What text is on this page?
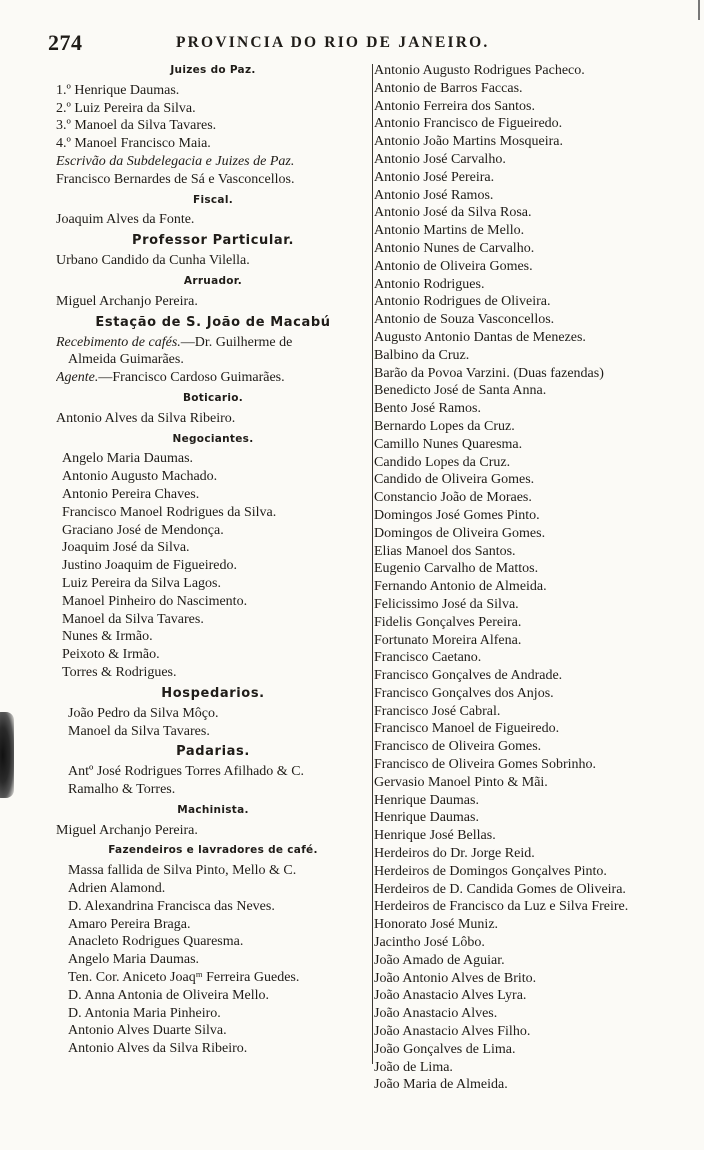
274	PROVINCIA DO RIO DE JANEIRO.
Juizes do Paz.
1.º Henrique Daumas.
2.º Luiz Pereira da Silva.
3.º Manoel da Silva Tavares.
4.º Manoel Francisco Maia.
Escrivão da Subdelegacia e Juizes de Paz.
Francisco Bernardes de Sá e Vasconcellos.
Fiscal.
Joaquim Alves da Fonte.
Professor Particular.
Urbano Candido da Cunha Vilella.
Arruador.
Miguel Archanjo Pereira.
Estação de S. João de Macabú
Recebimento de cafés.—Dr. Guilherme de
Almeida Guimarães.
Agente.—Francisco Cardoso Guimarães.
Boticario.
Antonio Alves da Silva Ribeiro.
Negociantes.
Angelo Maria Daumas.
Antonio Augusto Machado.
Antonio Pereira Chaves.
Francisco Manoel Rodrigues da Silva.
Graciano José de Mendonça.
Joaquim José da Silva.
Justino Joaquim de Figueiredo.
Luiz Pereira da Silva Lagos.
Manoel Pinheiro do Nascimento.
Manoel da Silva Tavares.
Nunes & Irmão.
Peixoto & Irmão.
Torres & Rodrigues.
Hospedarios.
João Pedro da Silva Môço.
Manoel da Silva Tavares.
Padarias.
Antº José Rodrigues Torres Afilhado & C.
Ramalho & Torres.
Machinista.
Miguel Archanjo Pereira.
Fazendeiros e lavradores de café.
Massa fallida de Silva Pinto, Mello & C.
Adrien Alamond.
D. Alexandrina Francisca das Neves.
Amaro Pereira Braga.
Anacleto Rodrigues Quaresma.
Angelo Maria Daumas.
Ten. Cor. Aniceto Joaqᵐ Ferreira Guedes.
D. Anna Antonia de Oliveira Mello.
D. Antonia Maria Pinheiro.
Antonio Alves Duarte Silva.
Antonio Alves da Silva Ribeiro.
Antonio Augusto Rodrigues Pacheco.
Antonio de Barros Faccas.
Antonio Ferreira dos Santos.
Antonio Francisco de Figueiredo.
Antonio João Martins Mosqueira.
Antonio José Carvalho.
Antonio José Pereira.
Antonio José Ramos.
Antonio José da Silva Rosa.
Antonio Martins de Mello.
Antonio Nunes de Carvalho.
Antonio de Oliveira Gomes.
Antonio Rodrigues.
Antonio Rodrigues de Oliveira.
Antonio de Souza Vasconcellos.
Augusto Antonio Dantas de Menezes.
Balbino da Cruz.
Barão da Povoa Varzini. (Duas fazendas)
Benedicto José de Santa Anna.
Bento José Ramos.
Bernardo Lopes da Cruz.
Camillo Nunes Quaresma.
Candido Lopes da Cruz.
Candido de Oliveira Gomes.
Constancio João de Moraes.
Domingos José Gomes Pinto.
Domingos de Oliveira Gomes.
Elias Manoel dos Santos.
Eugenio Carvalho de Mattos.
Fernando Antonio de Almeida.
Felicissimo José da Silva.
Fidelis Gonçalves Pereira.
Fortunato Moreira Alfena.
Francisco Caetano.
Francisco Gonçalves de Andrade.
Francisco Gonçalves dos Anjos.
Francisco José Cabral.
Francisco Manoel de Figueiredo.
Francisco de Oliveira Gomes.
Francisco de Oliveira Gomes Sobrinho.
Gervasio Manoel Pinto & Mãi.
Henrique Daumas.
Henrique Daumas.
Henrique José Bellas.
Herdeiros do Dr. Jorge Reid.
Herdeiros de Domingos Gonçalves Pinto.
Herdeiros de D. Candida Gomes de Oliveira.
Herdeiros de Francisco da Luz e Silva Freire.
Honorato José Muniz.
Jacintho José Lôbo.
João Amado de Aguiar.
João Antonio Alves de Brito.
João Anastacio Alves Lyra.
João Anastacio Alves.
João Anastacio Alves Filho.
João Gonçalves de Lima.
João de Lima.
João Maria de Almeida.
